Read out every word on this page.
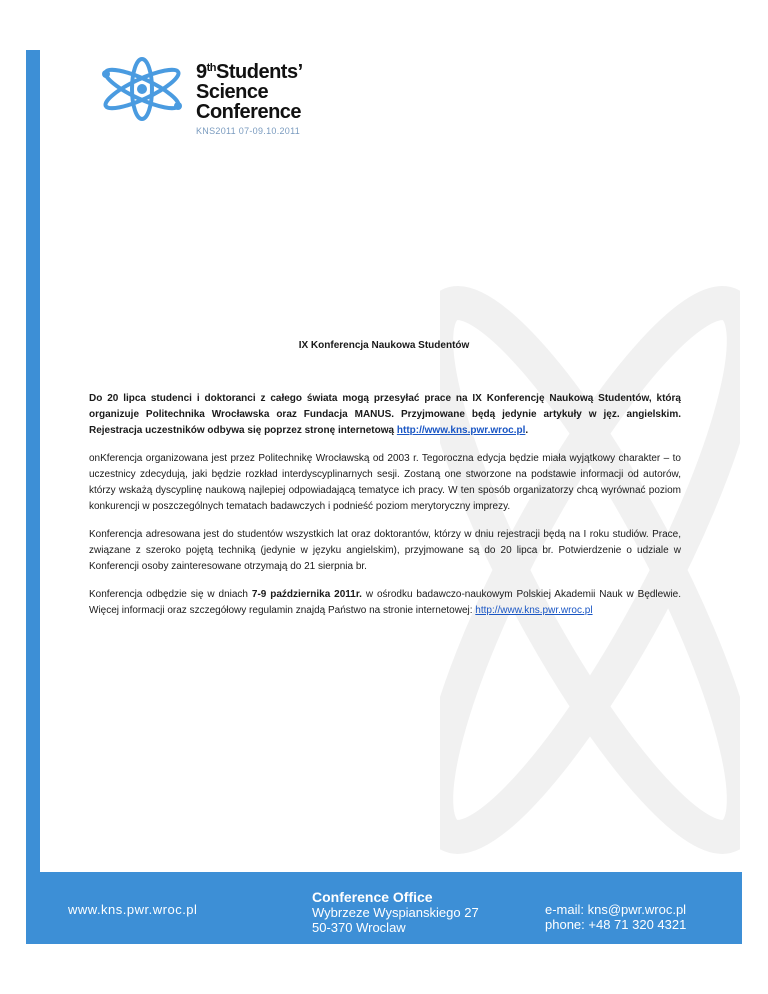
9thStudents’
Science
Conference
KNS2011 07-09.10.2011
IX Konferencja Naukowa Studentów

Do 20 lipca studenci i doktoranci z całego świata mogą przesyłać prace na IX Konferencję Naukową Studentów, którą organizuje Politechnika Wrocławska oraz Fundacja MANUS. Przyjmowane będą jedynie artykuły w jęz. angielskim. Rejestracja uczestników odbywa się poprzez stronę internetową http://www.kns.pwr.wroc.pl.

onKferencja organizowana jest przez Politechnikę Wrocławską od 2003 r. Tegoroczna edycja będzie miała wyjątkowy charakter – to uczestnicy zdecydują, jaki będzie rozkład interdyscyplinarnych sesji. Zostaną one stworzone na podstawie informacji od autorów, którzy wskażą dyscyplinę naukową najlepiej odpowiadającą tematyce ich pracy. W ten sposób organizatorzy chcą wyrównać poziom konkurencji w poszczególnych tematach badawczych i podnieść poziom merytoryczny imprezy.

Konferencja adresowana jest do studentów wszystkich lat oraz doktorantów, którzy w dniu rejestracji będą na I roku studiów. Prace, związane z szeroko pojętą techniką (jedynie w języku angielskim), przyjmowane są do 20 lipca br. Potwierdzenie o udziale w Konferencji osoby zainteresowane otrzymają do 21 sierpnia br.

Konferencja odbędzie się w dniach 7-9 października 2011r. w ośrodku badawczo-naukowym Polskiej Akademii Nauk w Będlewie. Więcej informacji oraz szczegółowy regulamin znajdą Państwo na stronie internetowej: http://www.kns.pwr.wroc.pl

www.kns.pwr.wroc.pl
Conference Office
Wybrzeze Wyspianskiego 27
50-370 Wroclaw
e-mail: kns@pwr.wroc.pl
phone: +48 71 320 4321
